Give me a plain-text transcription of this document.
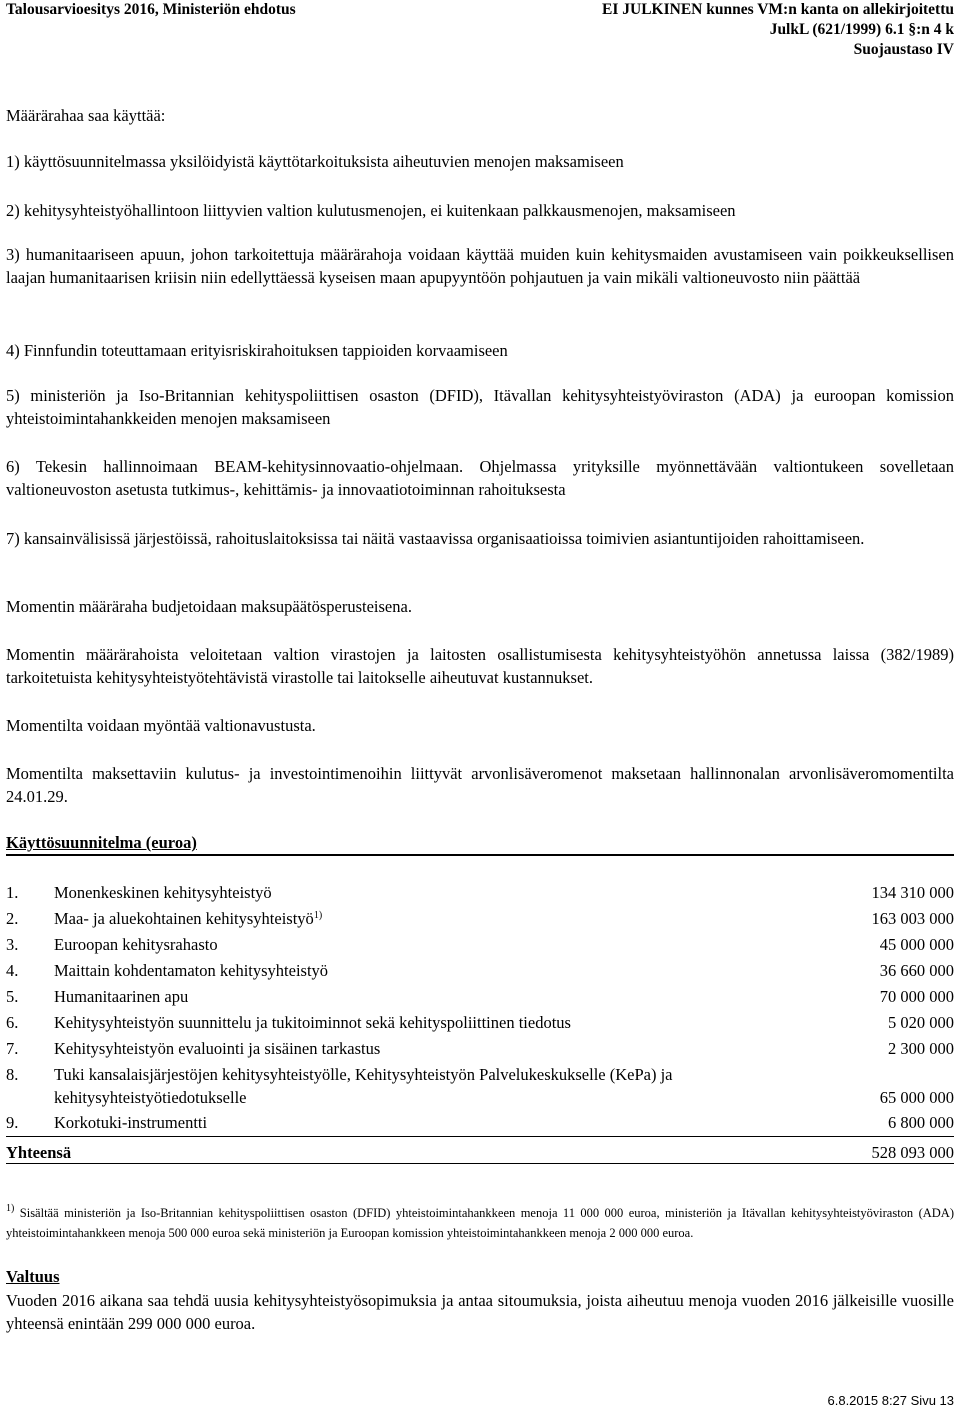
Talousarvioesitys 2016, Ministeriön ehdotus	EI JULKINEN kunnes VM:n kanta on allekirjoitettu
JulkL (621/1999) 6.1 §:n 4 k
Suojaustaso IV
Määrärahaa saa käyttää:
1) käyttösuunnitelmassa yksilöidyistä käyttötarkoituksista aiheutuvien menojen maksamiseen
2) kehitysyhteistyöhallintoon liittyvien valtion kulutusmenojen, ei kuitenkaan palkkausmenojen, maksamiseen
3) humanitaariseen apuun, johon tarkoitettuja määrärahoja voidaan käyttää muiden kuin kehitysmaiden avustamiseen vain poikkeuksellisen laajan humanitaarisen kriisin niin edellyttäessä kyseisen maan apupyyntöön pohjautuen ja vain mikäli valtioneuvosto niin päättää
4) Finnfundin toteuttamaan erityisriskirahoituksen tappioiden korvaamiseen
5) ministeriön ja Iso-Britannian kehityspoliittisen osaston (DFID), Itävallan kehitysyhteistyöviraston (ADA) ja euroopan komission yhteistoimintahankkeiden menojen maksamiseen
6) Tekesin hallinnoimaan BEAM-kehitysinnovaatio-ohjelmaan. Ohjelmassa yrityksille myönnettävään valtiontukeen sovelletaan valtioneuvoston asetusta tutkimus-, kehittämis- ja innovaatiotoiminnan rahoituksesta
7) kansainvälisissä järjestöissä, rahoituslaitoksissa tai näitä vastaavissa organisaatioissa toimivien asiantuntijoiden rahoittamiseen.
Momentin määräraha budjetoidaan maksupäätösperusteisena.
Momentin määrärahoista veloitetaan valtion virastojen ja laitosten osallistumisesta kehitysyhteistyöhön annetussa laissa (382/1989) tarkoitetuista kehitysyhteistyötehtävistä virastolle tai laitokselle aiheutuvat kustannukset.
Momentilta voidaan myöntää valtionavustusta.
Momentilta maksettaviin kulutus- ja investointimenoihin liittyvät arvonlisäveromenot maksetaan hallinnonalan arvonlisäveromomentilta 24.01.29.
Käyttösuunnitelma (euroa)
1.	Monenkeskinen kehitysyhteistyö	134 310 000
2.	Maa- ja aluekohtainen kehitysyhteistyö$^{1)}$	163 003 000
3.	Euroopan kehitysrahasto	45 000 000
4.	Maittain kohdentamaton kehitysyhteistyö	36 660 000
5.	Humanitaarinen apu	70 000 000
6.	Kehitysyhteistyön suunnittelu ja tukitoiminnot sekä kehityspoliittinen tiedotus	5 020 000
7.	Kehitysyhteistyön evaluointi ja sisäinen tarkastus	2 300 000
8.	Tuki kansalaisjärjestöjen kehitysyhteistyölle, Kehitysyhteistyön Palvelukeskukselle (KePa) ja kehitysyhteistyötiedotukselle	65 000 000
9.	Korkotuki-instrumentti	6 800 000
Yhteensä	528 093 000
$^{1)}$ Sisältää ministeriön ja Iso-Britannian kehityspoliittisen osaston (DFID) yhteistoimintahankkeen menoja 11 000 000 euroa, ministeriön ja Itävallan kehitysyhteistyöviraston (ADA) yhteistoimintahankkeen menoja 500 000 euroa sekä ministeriön ja Euroopan komission yhteistoimintahankkeen menoja 2 000 000 euroa.
Valtuus
Vuoden 2016 aikana saa tehdä uusia kehitysyhteistyösopimuksia ja antaa sitoumuksia, joista aiheutuu menoja vuoden 2016 jälkeisille vuosille yhteensä enintään 299 000 000 euroa.
6.8.2015 8:27 Sivu 13
